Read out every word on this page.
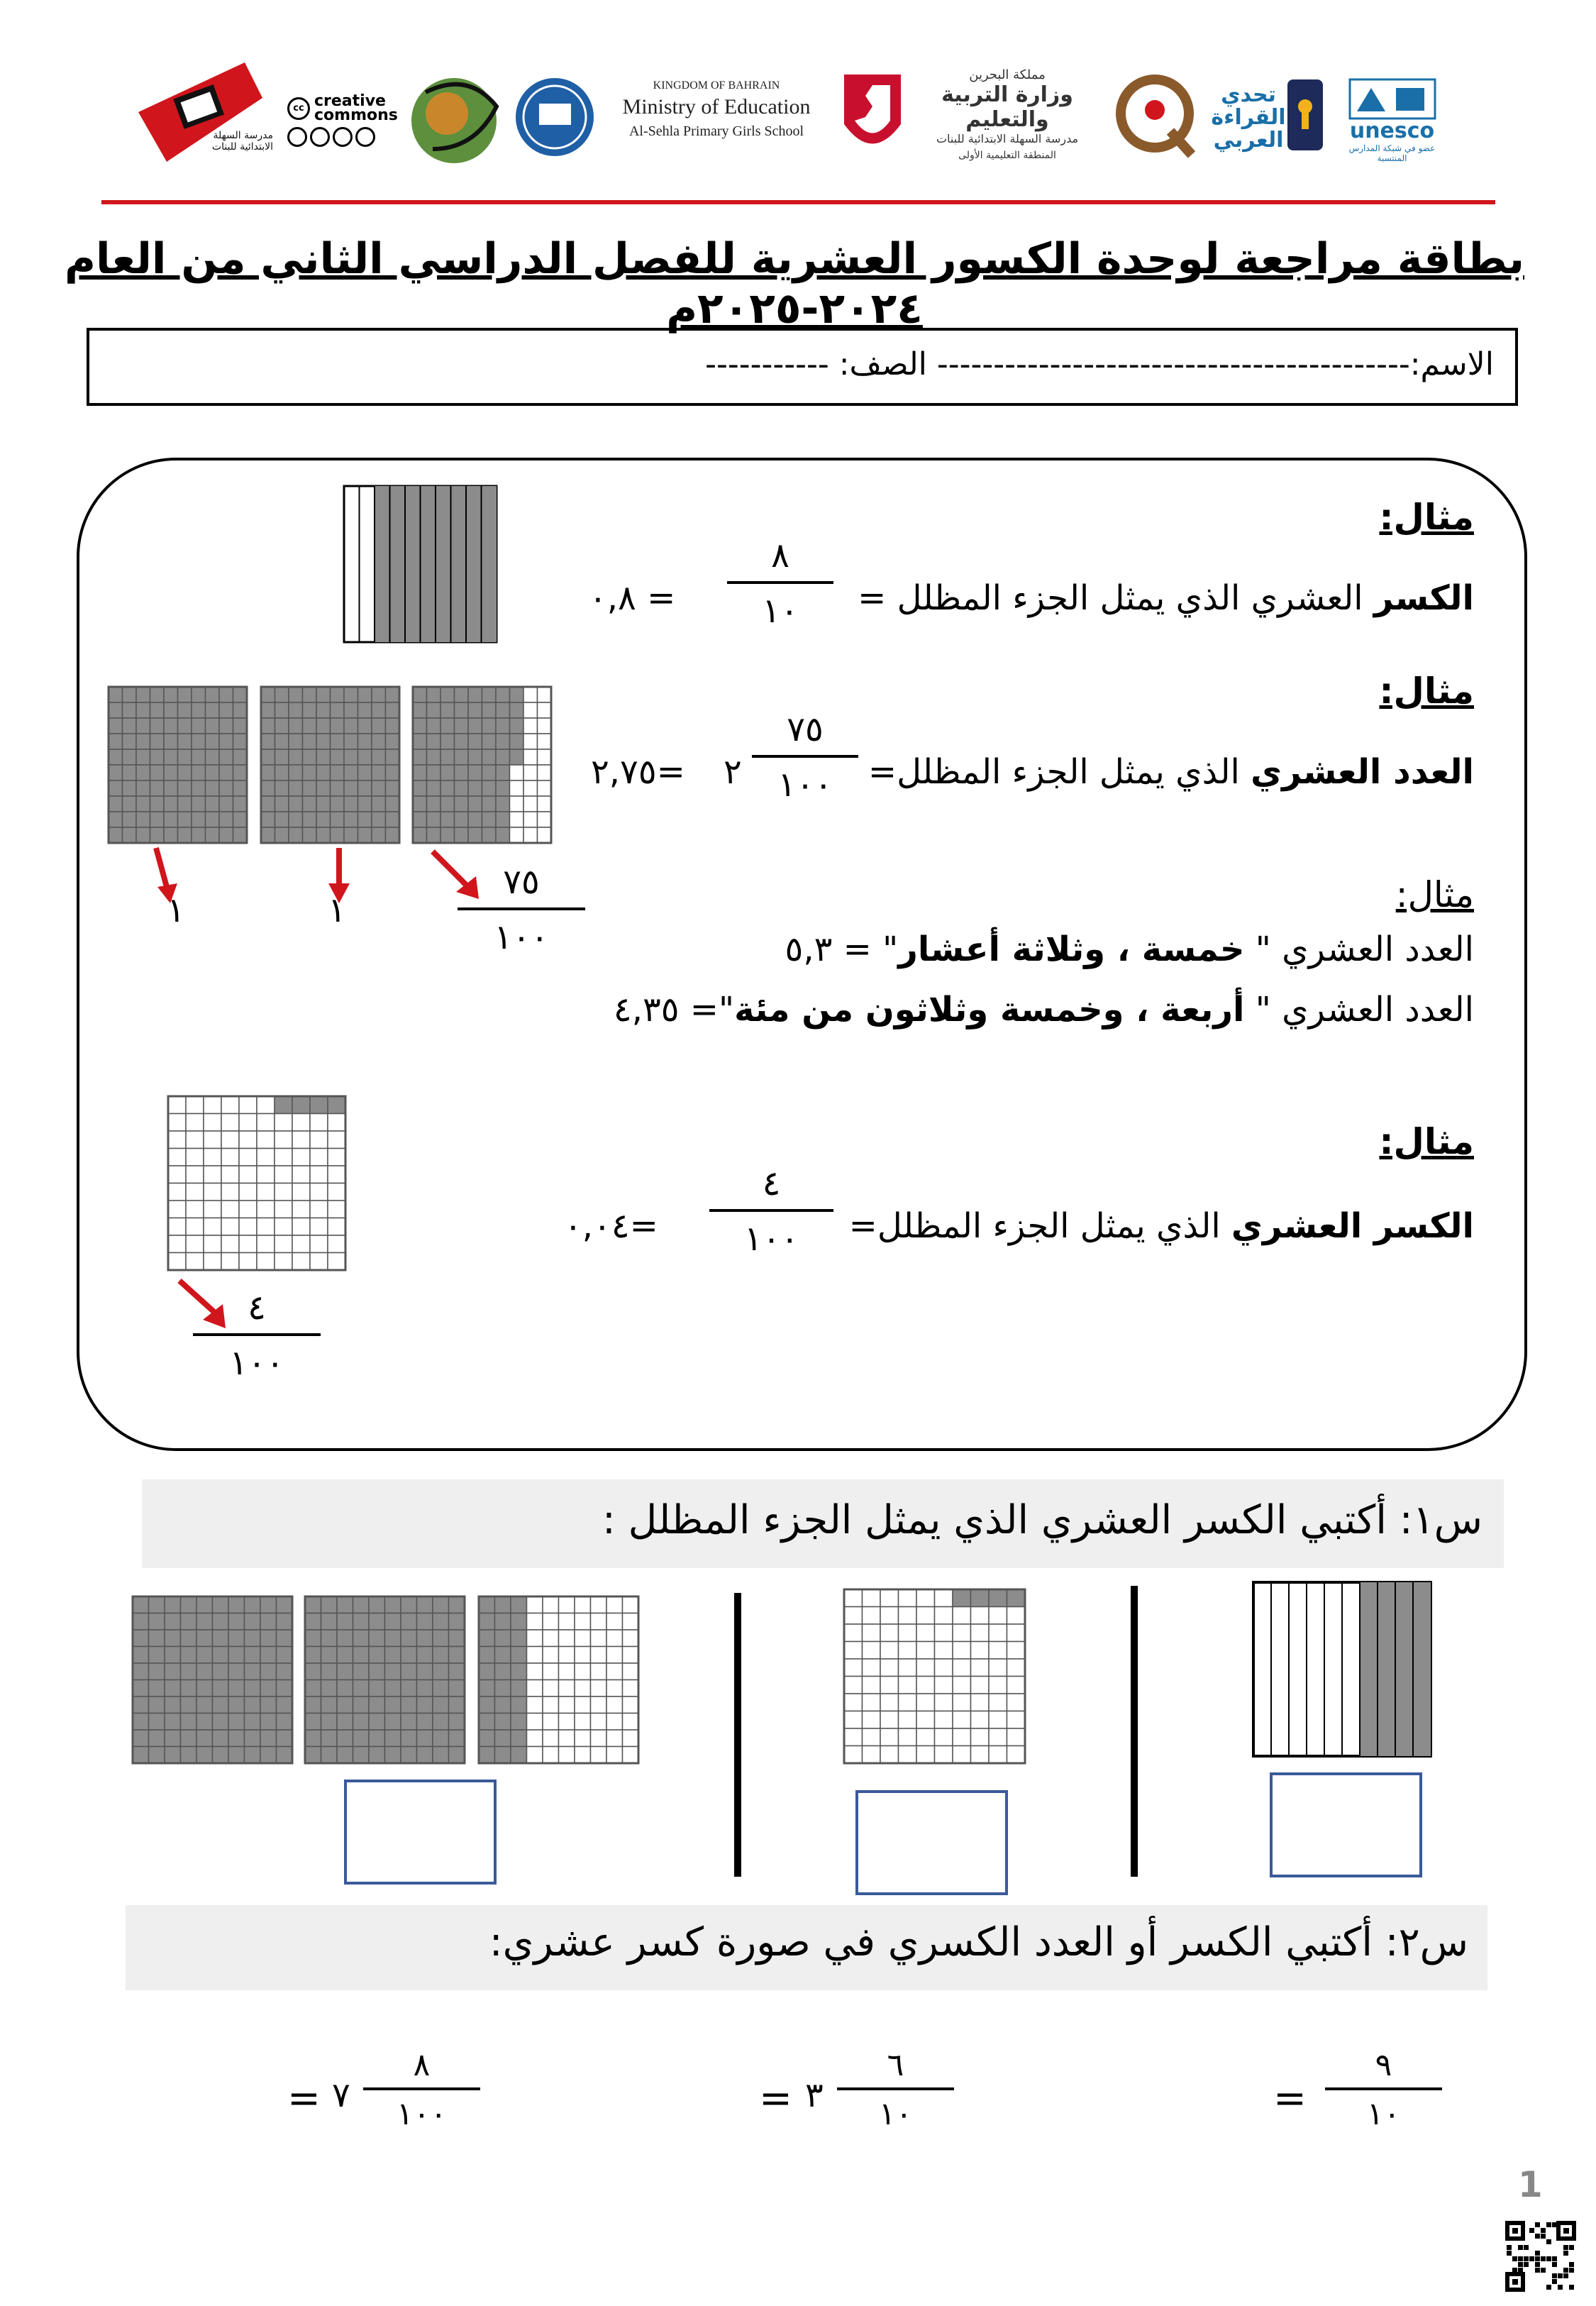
مدرسة السهلة الابتدائية للبنات
cc creative
commons
KINGDOM OF BAHRAIN
Ministry of Education
Al-Sehla Primary Girls School
مملكة البحرين
وزارة التربية والتعليم
مدرسة السهلة الابتدائية للبنات
المنطقة التعليمية الأولى
تحدي القراءة العربي	unesco
عضو في شبكة المدارس المنتسبة
بطاقة مراجعة لوحدة الكسور العشرية للفصل الدراسي الثاني من العام ٢٠٢٤-٢٠٢٥م
الاسم:------------------------------------------ الصف: -----------
مثال:
الكسر العشري الذي يمثل الجزء المظلل =
٨
١٠
= ٠,٨
مثال:
العدد العشري الذي يمثل الجزء المظلل=
٧٥
١٠٠
٢
=٢,٧٥
١	١
٧٥
١٠٠
مثال:
العدد العشري " خمسة ، وثلاثة أعشار" = ٥,٣
العدد العشري " أربعة ، وخمسة وثلاثون من مئة"= ٤,٣٥
مثال:
الكسر العشري الذي يمثل الجزء المظلل=
٤
١٠٠
=٠,٠٤
٤
١٠٠
س١: أكتبي الكسر العشري الذي يمثل الجزء المظلل :
س٢: أكتبي الكسر أو العدد الكسري في صورة كسر عشري:
٩
١٠
=
٣
٦
١٠
=
٧
٨
١٠٠
=
1
